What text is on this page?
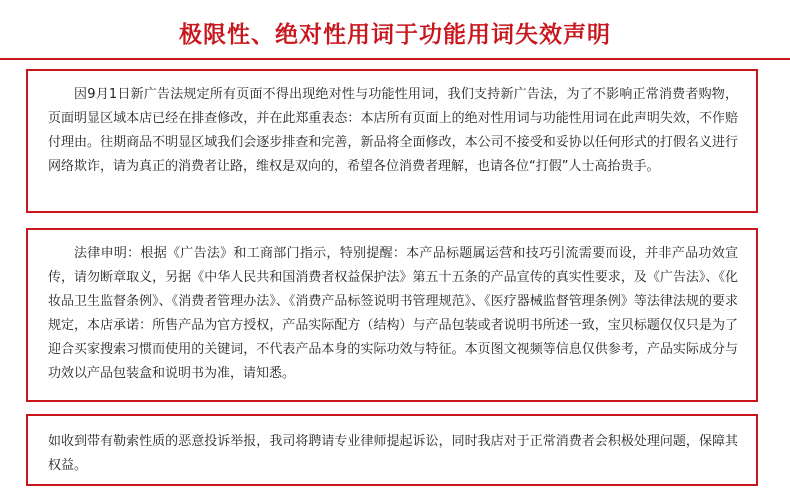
极限性、绝对性用词于功能用词失效声明

因9月1日新广告法规定所有页面不得出现绝对性与功能性用词，我们支持新广告法，为了不影响正常消费者购物，页面明显区域本店已经在排查修改，并在此郑重表态：本店所有页面上的绝对性用词与功能性用词在此声明失效，不作赔付理由。往期商品不明显区域我们会逐步排查和完善，新品将全面修改，本公司不接受和妥协以任何形式的打假名义进行网络欺诈，请为真正的消费者让路，维权是双向的，希望各位消费者理解，也请各位“打假”人士高抬贵手。

法律申明：根据《广告法》和工商部门指示，特别提醒：本产品标题属运营和技巧引流需要而设，并非产品功效宣传，请勿断章取义，另据《中华人民共和国消费者权益保护法》第五十五条的产品宣传的真实性要求，及《广告法》、《化妆品卫生监督条例》、《消费者管理办法》、《消费产品标签说明书管理规范》、《医疗器械监督管理条例》等法律法规的要求规定，本店承诺：所售产品为官方授权，产品实际配方（结构）与产品包装或者说明书所述一致，宝贝标题仅仅只是为了迎合买家搜索习惯而使用的关键词，不代表产品本身的实际功效与特征。本页图文视频等信息仅供参考，产品实际成分与功效以产品包装盒和说明书为准，请知悉。

如收到带有勒索性质的恶意投诉举报，我司将聘请专业律师提起诉讼，同时我店对于正常消费者会积极处理问题，保障其权益。
